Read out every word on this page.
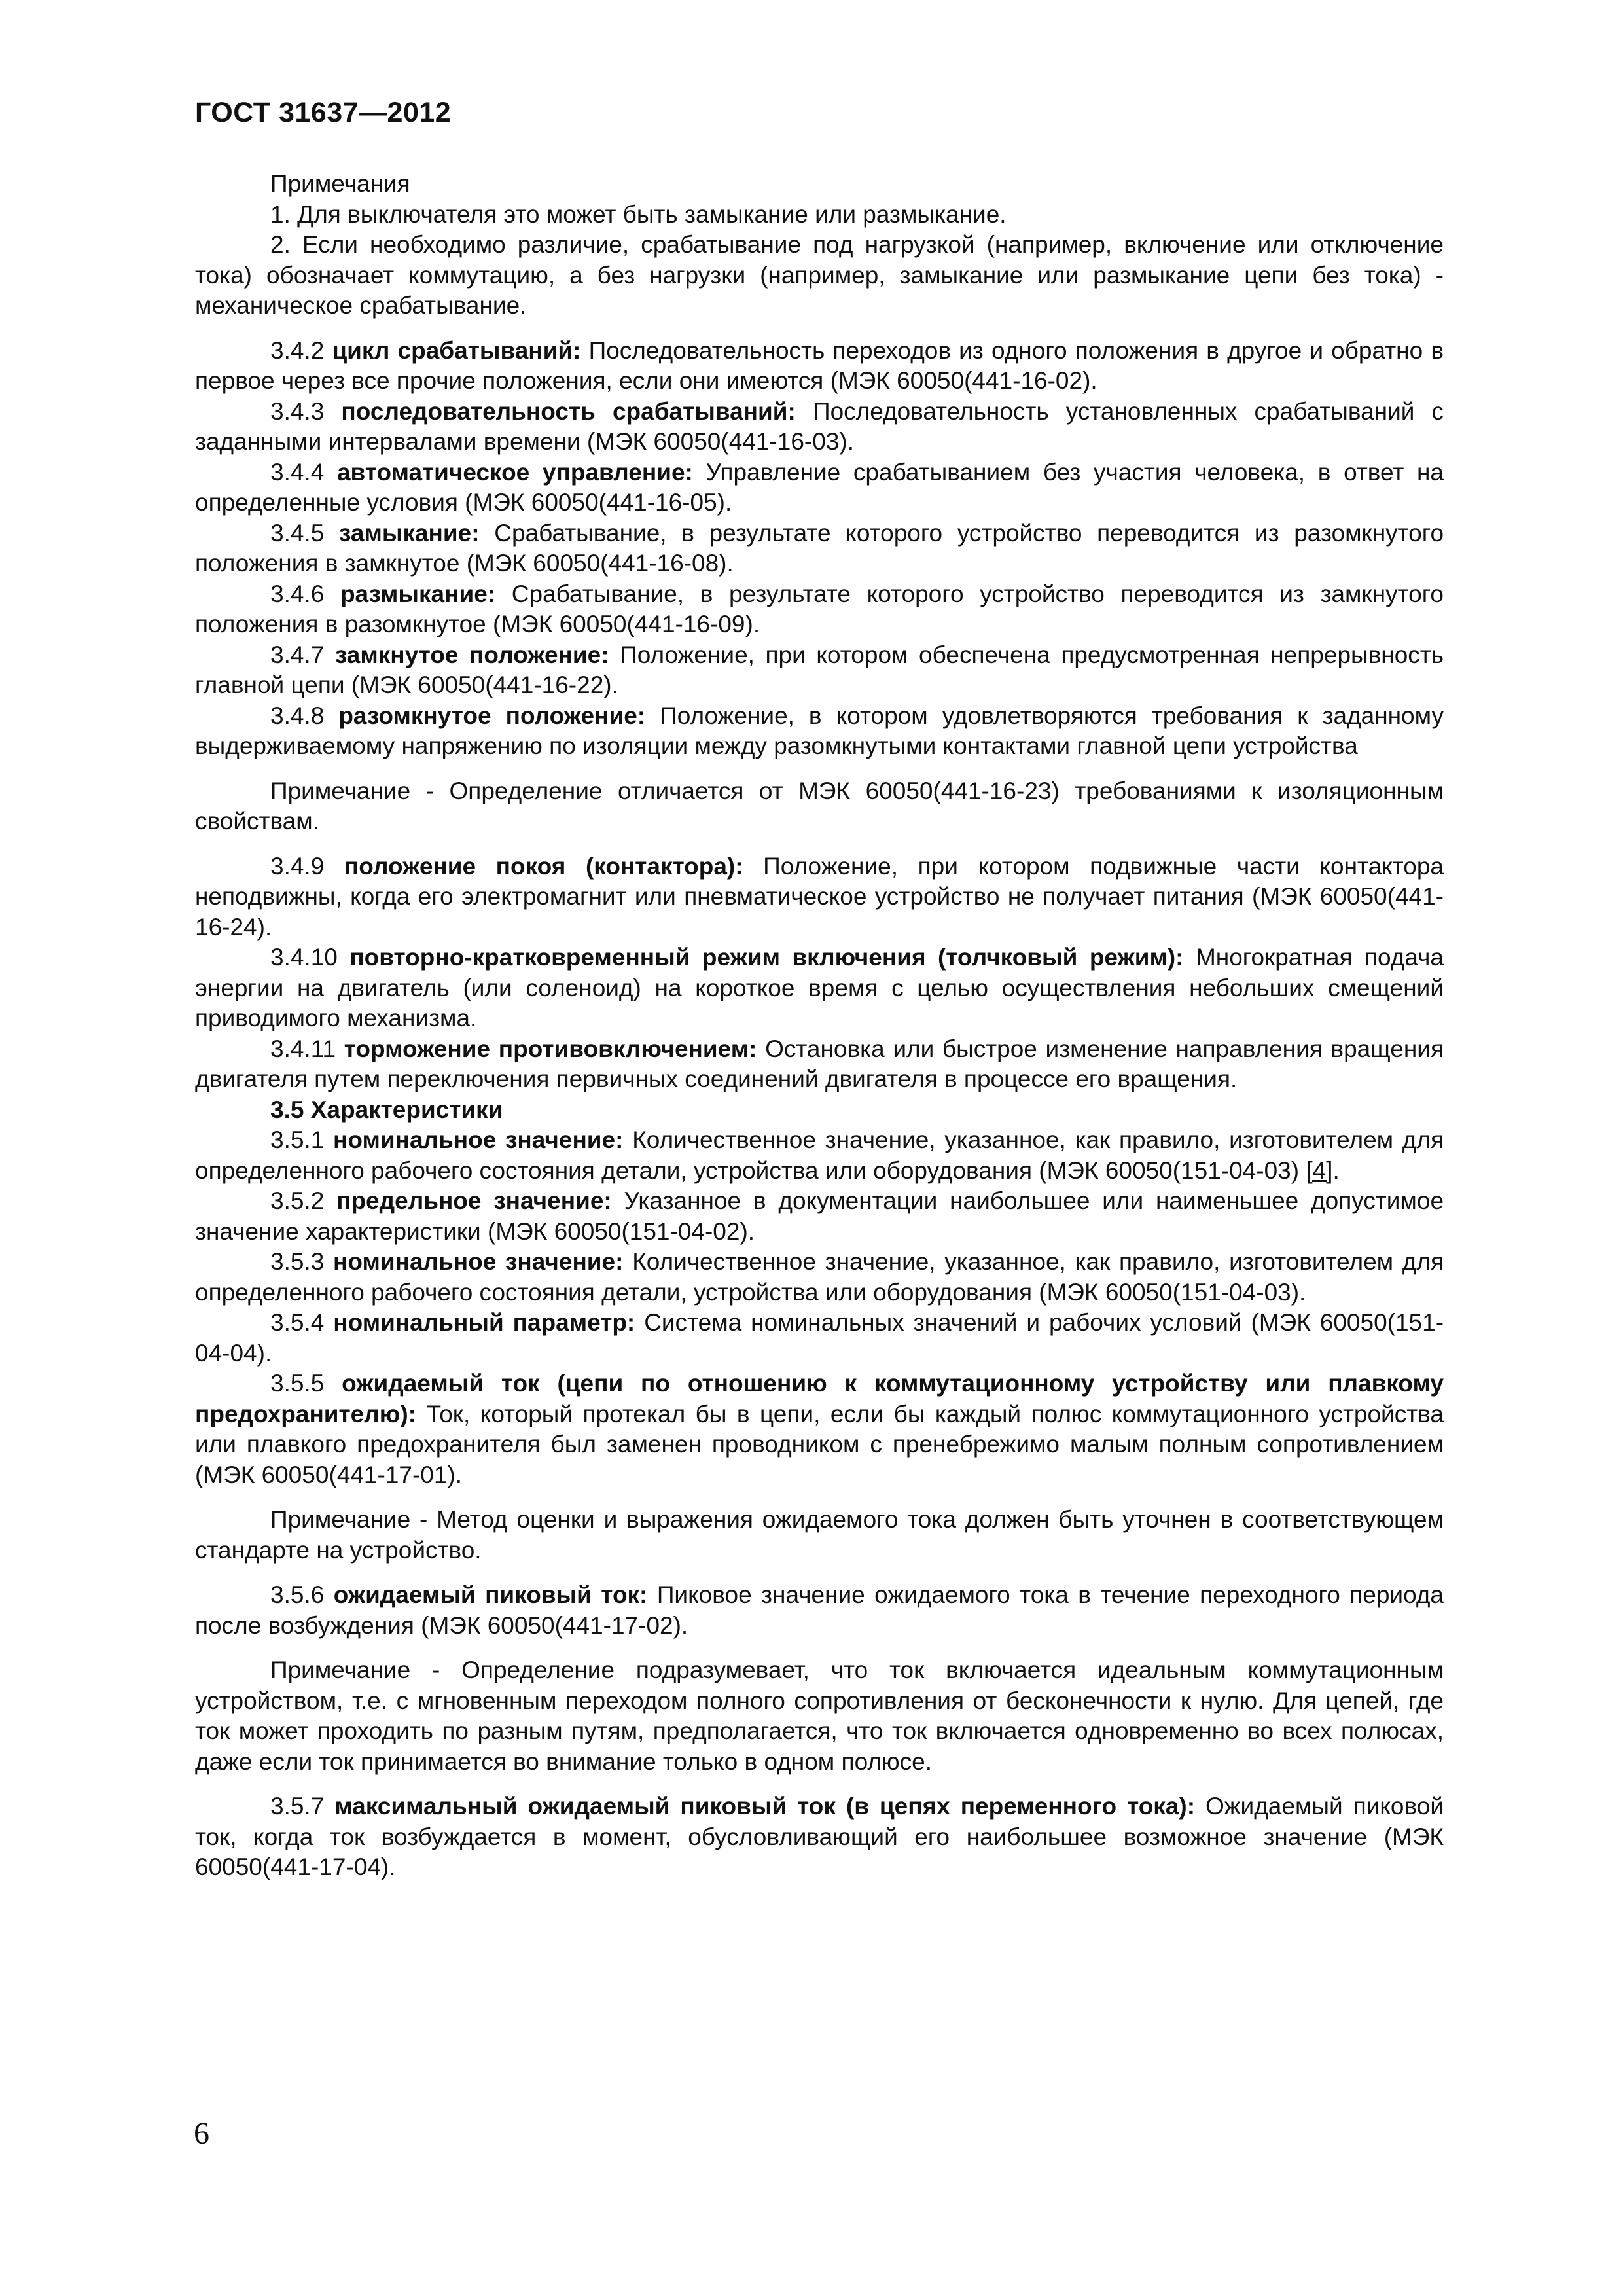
ГОСТ 31637—2012

Примечания

1. Для выключателя это может быть замыкание или размыкание.

2. Если необходимо различие, срабатывание под нагрузкой (например, включение или отключение тока) обозначает коммутацию, а без нагрузки (например, замыкание или размыкание цепи без тока) - механическое срабатывание.

3.4.2 цикл срабатываний: Последовательность переходов из одного положения в другое и обратно в первое через все прочие положения, если они имеются (МЭК 60050(441-16-02).

3.4.3 последовательность срабатываний: Последовательность установленных срабатываний с заданными интервалами времени (МЭК 60050(441-16-03).

3.4.4 автоматическое управление: Управление срабатыванием без участия человека, в ответ на определенные условия (МЭК 60050(441-16-05).

3.4.5 замыкание: Срабатывание, в результате которого устройство переводится из разомкнутого положения в замкнутое (МЭК 60050(441-16-08).

3.4.6 размыкание: Срабатывание, в результате которого устройство переводится из замкнутого положения в разомкнутое (МЭК 60050(441-16-09).

3.4.7 замкнутое положение: Положение, при котором обеспечена предусмотренная непрерывность главной цепи (МЭК 60050(441-16-22).

3.4.8 разомкнутое положение: Положение, в котором удовлетворяются требования к заданному выдерживаемому напряжению по изоляции между разомкнутыми контактами главной цепи устройства

Примечание - Определение отличается от МЭК 60050(441-16-23) требованиями к изоляционным свойствам.

3.4.9 положение покоя (контактора): Положение, при котором подвижные части контактора неподвижны, когда его электромагнит или пневматическое устройство не получает питания (МЭК 60050(441-16-24).

3.4.10 повторно-кратковременный режим включения (толчковый режим): Многократная подача энергии на двигатель (или соленоид) на короткое время с целью осуществления небольших смещений приводимого механизма.

3.4.11 торможение противовключением: Остановка или быстрое изменение направления вращения двигателя путем переключения первичных соединений двигателя в процессе его вращения.

3.5 Характеристики

3.5.1 номинальное значение: Количественное значение, указанное, как правило, изготовителем для определенного рабочего состояния детали, устройства или оборудования (МЭК 60050(151-04-03) [4].

3.5.2 предельное значение: Указанное в документации наибольшее или наименьшее допустимое значение характеристики (МЭК 60050(151-04-02).

3.5.3 номинальное значение: Количественное значение, указанное, как правило, изготовителем для определенного рабочего состояния детали, устройства или оборудования (МЭК 60050(151-04-03).

3.5.4 номинальный параметр: Система номинальных значений и рабочих условий (МЭК 60050(151-04-04).

3.5.5 ожидаемый ток (цепи по отношению к коммутационному устройству или плавкому предохранителю): Ток, который протекал бы в цепи, если бы каждый полюс коммутационного устройства или плавкого предохранителя был заменен проводником с пренебрежимо малым полным сопротивлением (МЭК 60050(441-17-01).

Примечание - Метод оценки и выражения ожидаемого тока должен быть уточнен в соответствующем стандарте на устройство.

3.5.6 ожидаемый пиковый ток: Пиковое значение ожидаемого тока в течение переходного периода после возбуждения (МЭК 60050(441-17-02).

Примечание - Определение подразумевает, что ток включается идеальным коммутационным устройством, т.е. с мгновенным переходом полного сопротивления от бесконечности к нулю. Для цепей, где ток может проходить по разным путям, предполагается, что ток включается одновременно во всех полюсах, даже если ток принимается во внимание только в одном полюсе.

3.5.7 максимальный ожидаемый пиковый ток (в цепях переменного тока): Ожидаемый пиковой ток, когда ток возбуждается в момент, обусловливающий его наибольшее возможное значение (МЭК 60050(441-17-04).

6
